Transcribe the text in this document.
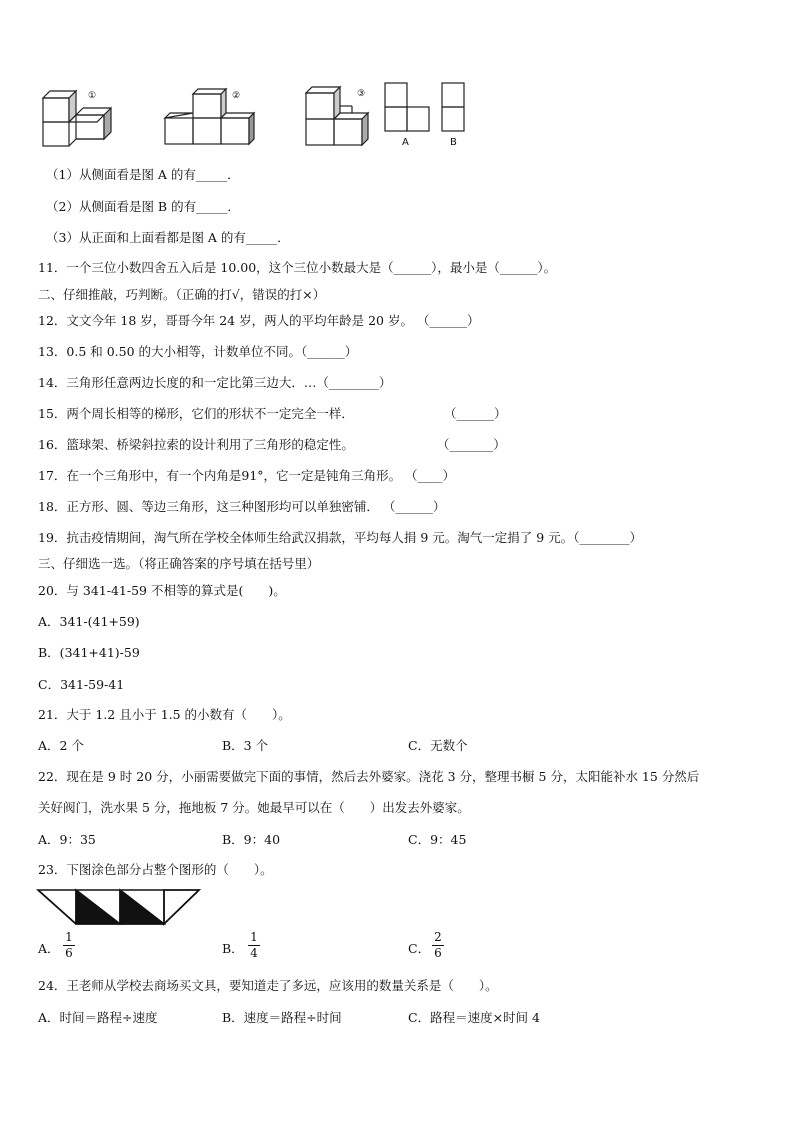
①	②	③
A	B
（1）从侧面看是图 A 的有_____．
（2）从侧面看是图 B 的有_____．
（3）从正面和上面看都是图 A 的有_____．
11．一个三位小数四舍五入后是 10.00，这个三位小数最大是（______），最小是（______）。
二、仔细推敲，巧判断。（正确的打√，错误的打×）
12．文文今年 18 岁，哥哥今年 24 岁，两人的平均年龄是 20 岁。 （______）
13．0.5 和 0.50 的大小相等，计数单位不同。（______）
14．三角形任意两边长度的和一定比第三边大．…（________）
15．两个周长相等的梯形，它们的形状不一定完全一样．	（______）
16．篮球架、桥梁斜拉索的设计利用了三角形的稳定性。	（_______）
17．在一个三角形中，有一个内角是91°，它一定是钝角三角形。 （____）
18．正方形、圆、等边三角形，这三种图形均可以单独密铺． （______）
19．抗击疫情期间，淘气所在学校全体师生给武汉捐款，平均每人捐 9 元。淘气一定捐了 9 元。（________）
三、仔细选一选。（将正确答案的序号填在括号里）
20．与 341-41-59 不相等的算式是(　　)。
A．341-(41+59)
B．(341+41)-59
C．341-59-41
21．大于 1.2 且小于 1.5 的小数有（　　）。
A．2 个	B．3 个	C．无数个
22．现在是 9 时 20 分，小丽需要做完下面的事情，然后去外婆家。浇花 3 分，整理书橱 5 分，太阳能补水 15 分然后
关好阀门，洗水果 5 分，拖地板 7 分。她最早可以在（　　）出发去外婆家。
A．9：35	B．9：40	C．9：45
23．下图涂色部分占整个图形的（　　）。
A．
1
6	B．
1
4	C．
2
6
24．王老师从学校去商场买文具，要知道走了多远，应该用的数量关系是（　　）。
A．时间＝路程÷速度	B．速度＝路程÷时间	C．路程＝速度×时间 4
